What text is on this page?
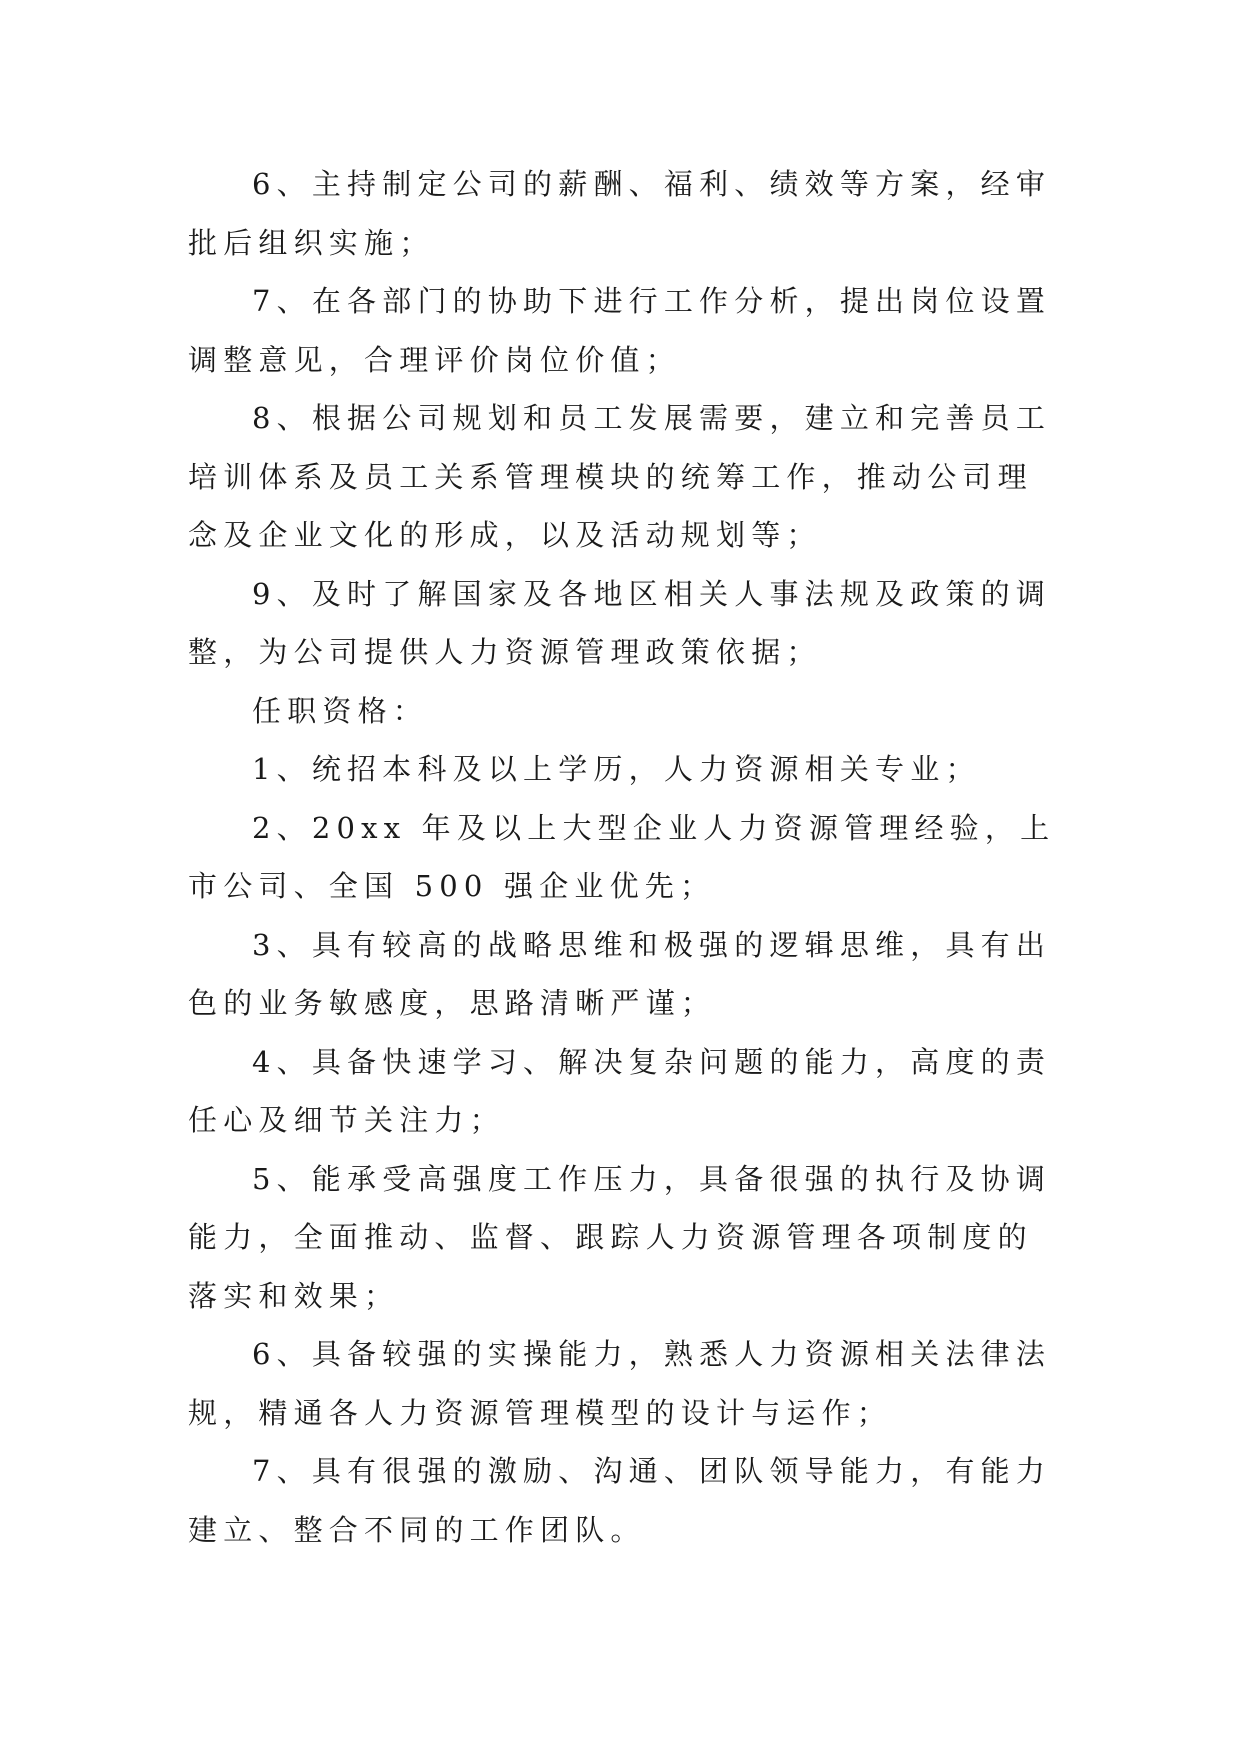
6、主持制定公司的薪酬、福利、绩效等方案，经审批后组织实施；

7、在各部门的协助下进行工作分析，提出岗位设置调整意见，合理评价岗位价值；

8、根据公司规划和员工发展需要，建立和完善员工培训体系及员工关系管理模块的统筹工作，推动公司理念及企业文化的形成，以及活动规划等；

9、及时了解国家及各地区相关人事法规及政策的调整，为公司提供人力资源管理政策依据；

任职资格：

1、统招本科及以上学历，人力资源相关专业；

2、20xx 年及以上大型企业人力资源管理经验，上市公司、全国 500 强企业优先；

3、具有较高的战略思维和极强的逻辑思维，具有出色的业务敏感度，思路清晰严谨；

4、具备快速学习、解决复杂问题的能力，高度的责任心及细节关注力；

5、能承受高强度工作压力，具备很强的执行及协调能力，全面推动、监督、跟踪人力资源管理各项制度的落实和效果；

6、具备较强的实操能力，熟悉人力资源相关法律法规，精通各人力资源管理模型的设计与运作；

7、具有很强的激励、沟通、团队领导能力，有能力建立、整合不同的工作团队。
